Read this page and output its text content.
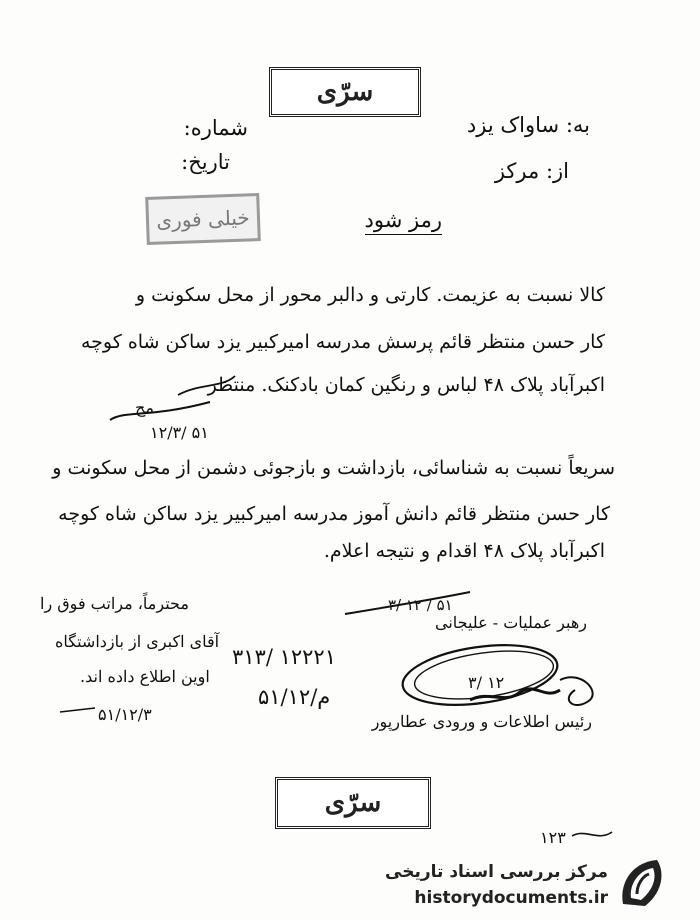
سرّی
به: ساواک یزد
شماره:
از: مرکز
تاریخ:
خیلی فوری	رمز شود
کالا نسبت به عزیمت. کارتی و دالبر محور از محل سکونت و
کار حسن منتظر قائم پرسش مدرسه امیرکبیر یزد ساکن شاه کوچه
اکبرآباد پلاک ۴۸ لباس و رنگین کمان بادکنک. منتظر
مح
۱۲/۳/ ۵۱
سریعاً نسبت به شناسائی، بازداشت و بازجوئی دشمن از محل سکونت و
کار حسن منتظر قائم دانش آموز مدرسه امیرکبیر یزد ساکن شاه کوچه
اکبرآباد پلاک ۴۸ اقدام و نتیجه اعلام.
محترماً، مراتب فوق را
آقای اکبری از بازداشتگاه
اوین اطلاع داده اند.
۵۱/۱۲/۳
۳۱۳/ ۱۲۲۲۱
۵۱/۱۲/م
۳/ ۱۲ / ۵۱
رهبر عملیات - علیجانی
۳/ ۱۲
رئیس اطلاعات و ورودی عطارپور
سرّی
۱۲۳
مرکز بررسی اسناد تاریخی
historydocuments.ir
